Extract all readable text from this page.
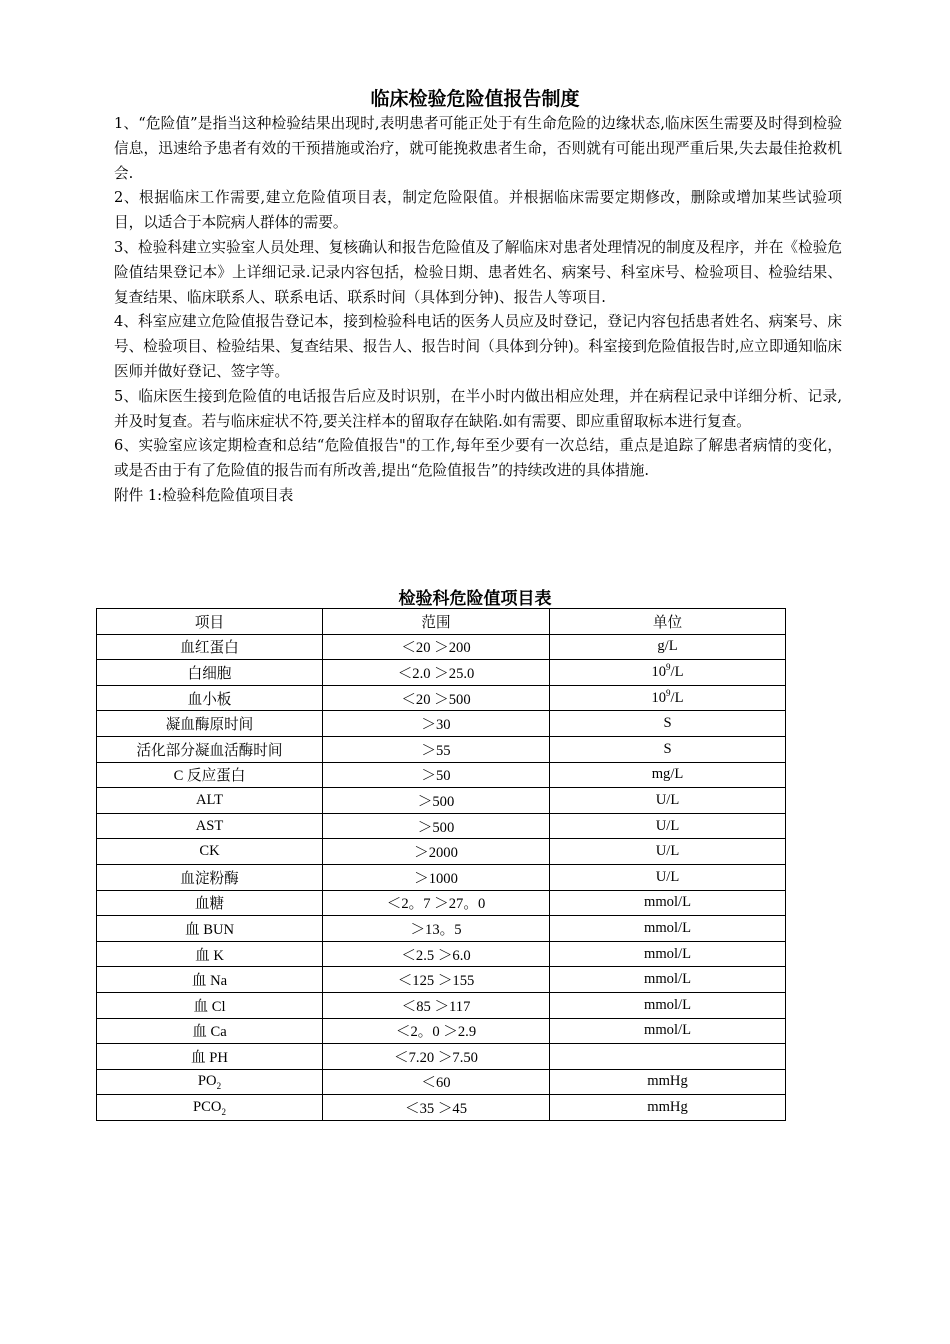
临床检验危险值报告制度

1、“危险值”是指当这种检验结果出现时,表明患者可能正处于有生命危险的边缘状态,临床医生需要及时得到检验信息，迅速给予患者有效的干预措施或治疗，就可能挽救患者生命，否则就有可能出现严重后果,失去最佳抢救机会.

2、根据临床工作需要,建立危险值项目表，制定危险限值。并根据临床需要定期修改，删除或增加某些试验项目，以适合于本院病人群体的需要。

3、检验科建立实验室人员处理、复核确认和报告危险值及了解临床对患者处理情况的制度及程序，并在《检验危险值结果登记本》上详细记录.记录内容包括，检验日期、患者姓名、病案号、科室床号、检验项目、检验结果、复查结果、临床联系人、联系电话、联系时间（具体到分钟)、报告人等项目.

4、科室应建立危险值报告登记本，接到检验科电话的医务人员应及时登记，登记内容包括患者姓名、病案号、床号、检验项目、检验结果、复查结果、报告人、报告时间（具体到分钟)。科室接到危险值报告时,应立即通知临床医师并做好登记、签字等。

5、临床医生接到危险值的电话报告后应及时识别，在半小时内做出相应处理，并在病程记录中详细分析、记录,并及时复查。若与临床症状不符,要关注样本的留取存在缺陷.如有需要、即应重留取标本进行复查。

6、实验室应该定期检查和总结“危险值报告"的工作,每年至少要有一次总结，重点是追踪了解患者病情的变化，或是否由于有了危险值的报告而有所改善,提出“危险值报告”的持续改进的具体措施.

附件 1:检验科危险值项目表

检验科危险值项目表
项目	范围	单位
血红蛋白	＜20 ＞200	g/L
白细胞	＜2.0 ＞25.0	$10^9/L$
血小板	＜20 ＞500	$10^9/L$
凝血酶原时间	＞30	S
活化部分凝血活酶时间	＞55	S
C 反应蛋白	＞50	mg/L
ALT	＞500	U/L
AST	＞500	U/L
CK	＞2000	U/L
血淀粉酶	＞1000	U/L
血糖	＜2。7 ＞27。0	mmol/L
血 BUN	＞13。5	mmol/L
血 K	＜2.5 ＞6.0	mmol/L
血 Na	＜125 ＞155	mmol/L
血 Cl	＜85 ＞117	mmol/L
血 Ca	＜2。0 ＞2.9	mmol/L
血 PH	＜7.20 ＞7.50	
$PO_2$	＜60	mmHg
$PCO_2$	＜35 ＞45	mmHg
